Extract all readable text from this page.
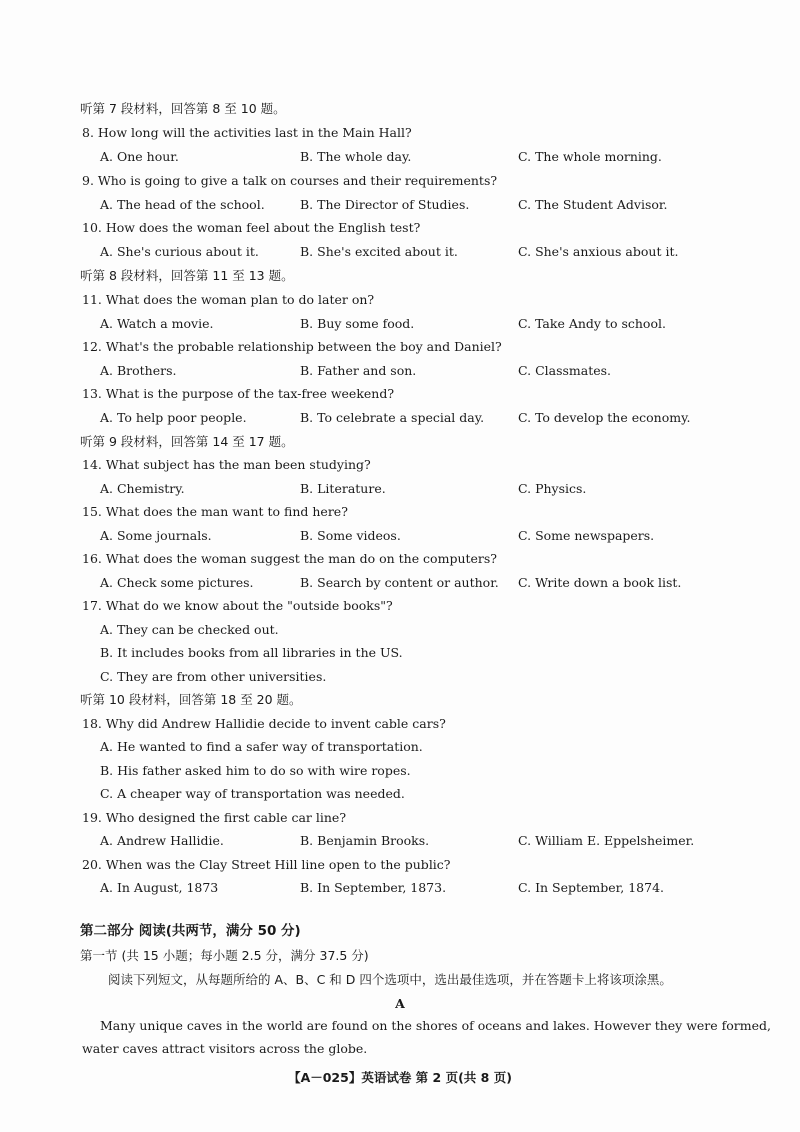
听第 7 段材料，回答第 8 至 10 题。
8. How long will the activities last in the Main Hall?
A. One hour.	B. The whole day.	C. The whole morning.
9. Who is going to give a talk on courses and their requirements?
A. The head of the school.	B. The Director of Studies.	C. The Student Advisor.
10. How does the woman feel about the English test?
A. She's curious about it.	B. She's excited about it.	C. She's anxious about it.
听第 8 段材料，回答第 11 至 13 题。
11. What does the woman plan to do later on?
A. Watch a movie.	B. Buy some food.	C. Take Andy to school.
12. What's the probable relationship between the boy and Daniel?
A. Brothers.	B. Father and son.	C. Classmates.
13. What is the purpose of the tax-free weekend?
A. To help poor people.	B. To celebrate a special day.	C. To develop the economy.
听第 9 段材料，回答第 14 至 17 题。
14. What subject has the man been studying?
A. Chemistry.	B. Literature.	C. Physics.
15. What does the man want to find here?
A. Some journals.	B. Some videos.	C. Some newspapers.
16. What does the woman suggest the man do on the computers?
A. Check some pictures.	B. Search by content or author. C. Write down a book list.
17. What do we know about the "outside books"?
A. They can be checked out.
B. It includes books from all libraries in the US.
C. They are from other universities.
听第 10 段材料，回答第 18 至 20 题。
18. Why did Andrew Hallidie decide to invent cable cars?
A. He wanted to find a safer way of transportation.
B. His father asked him to do so with wire ropes.
C. A cheaper way of transportation was needed.
19. Who designed the first cable car line?
A. Andrew Hallidie.	B. Benjamin Brooks.	C. William E. Eppelsheimer.
20. When was the Clay Street Hill line open to the public?
A. In August, 1873	B. In September, 1873.	C. In September, 1874.
第二部分 阅读(共两节，满分 50 分)
第一节 (共 15 小题；每小题 2.5 分，满分 37.5 分)
阅读下列短文，从每题所给的 A、B、C 和 D 四个选项中，选出最佳选项，并在答题卡上将该项涂黑。
A
Many unique caves in the world are found on the shores of oceans and lakes. However they were formed,
water caves attract visitors across the globe.
【A－025】英语试卷 第 2 页(共 8 页)
